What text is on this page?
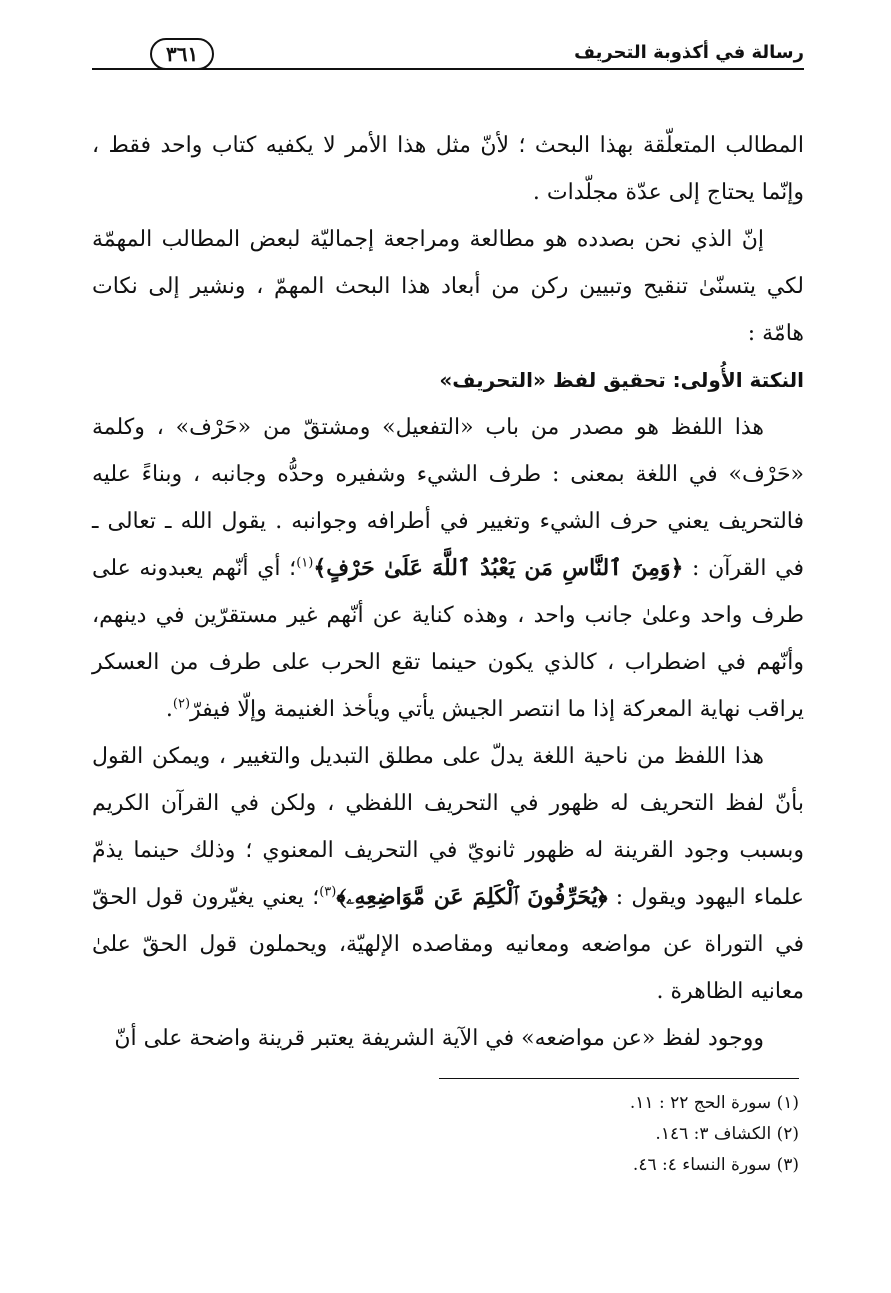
رسالة في أكذوبة التحريف
٣٦١

المطالب المتعلّقة بهذا البحث ؛ لأنّ مثل هذا الأمر لا يكفيه كتاب واحد فقط ، وإنّما يحتاج إلى عدّة مجلّدات .

إنّ الذي نحن بصدده هو مطالعة ومراجعة إجماليّة لبعض المطالب المهمّة لكي يتسنّىٰ تنقيح وتبيين ركن من أبعاد هذا البحث المهمّ ، ونشير إلى نكات هامّة :

النكتة الأُولى: تحقيق لفظ «التحريف»

هذا اللفظ هو مصدر من باب «التفعيل» ومشتقّ من «حَرْف» ، وكلمة «حَرْف» في اللغة بمعنى : طرف الشيء وشفيره وحدُّه وجانبه ، وبناءً عليه فالتحريف يعني حرف الشيء وتغيير في أطرافه وجوانبه . يقول الله ـ تعالى ـ في القرآن : ﴿وَمِنَ ٱلنَّاسِ مَن يَعْبُدُ ٱللَّهَ عَلَىٰ حَرْفٍ﴾$^{(١)}$؛ أي أنّهم يعبدونه على طرف واحد وعلىٰ جانب واحد ، وهذه كناية عن أنّهم غير مستقرّين في دينهم، وأنّهم في اضطراب ، كالذي يكون حينما تقع الحرب على طرف من العسكر يراقب نهاية المعركة إذا ما انتصر الجيش يأتي ويأخذ الغنيمة وإلّا فيفرّ$^{(٢)}$.

هذا اللفظ من ناحية اللغة يدلّ على مطلق التبديل والتغيير ، ويمكن القول بأنّ لفظ التحريف له ظهور في التحريف اللفظي ، ولكن في القرآن الكريم وبسبب وجود القرينة له ظهور ثانويّ في التحريف المعنوي ؛ وذلك حينما يذمّ علماء اليهود ويقول : ﴿يُحَرِّفُونَ ٱلْكَلِمَ عَن مَّوَاضِعِهِۦ﴾$^{(٣)}$؛ يعني يغيّرون قول الحقّ في التوراة عن مواضعه ومعانيه ومقاصده الإلهيّة، ويحملون قول الحقّ علىٰ معانيه الظاهرة .

ووجود لفظ «عن مواضعه» في الآية الشريفة يعتبر قرينة واضحة على أنّ

(١) سورة الحج ٢٢ : ١١.
(٢) الكشاف ٣: ١٤٦.
(٣) سورة النساء ٤: ٤٦.
